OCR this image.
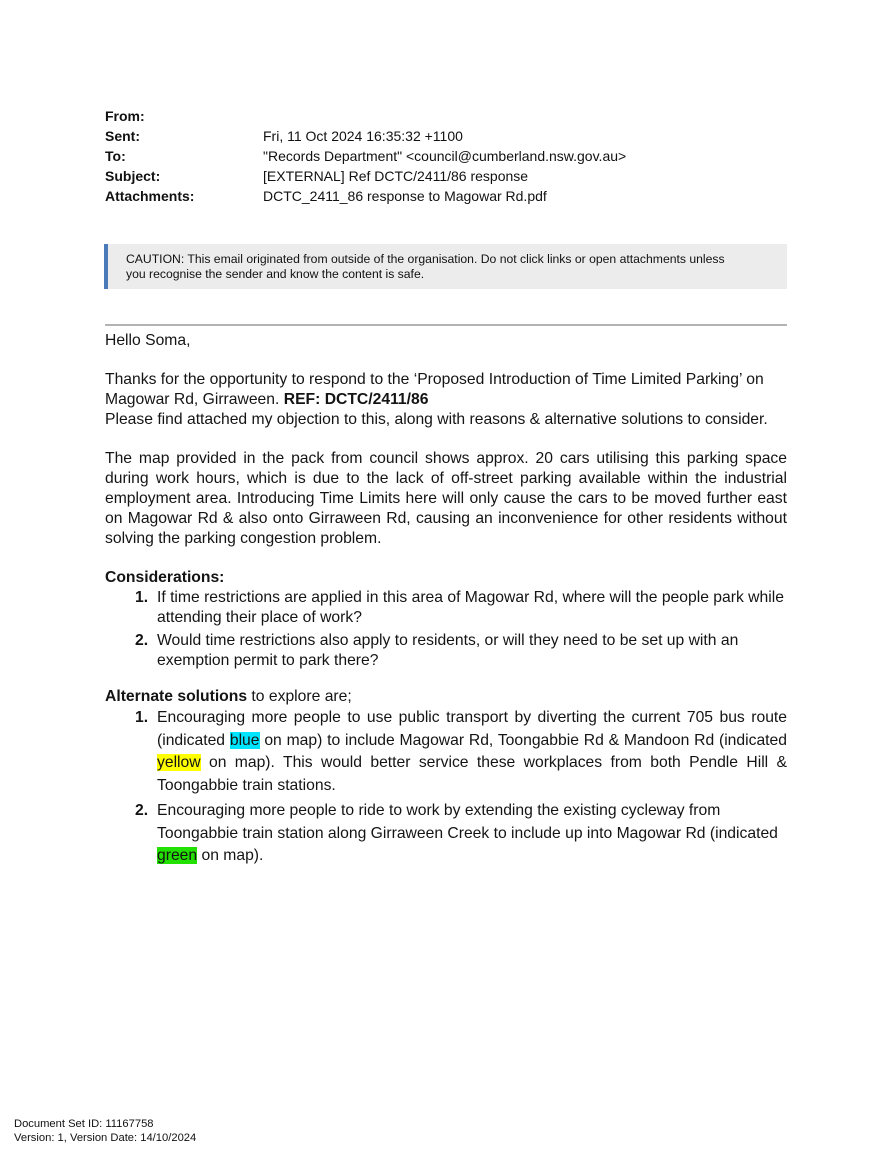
From:
Sent:	Fri, 11 Oct 2024 16:35:32 +1100
To:	"Records Department" <council@cumberland.nsw.gov.au>
Subject:	[EXTERNAL] Ref DCTC/2411/86 response
Attachments:	DCTC_2411_86 response to Magowar Rd.pdf
CAUTION: This email originated from outside of the organisation. Do not click links or open attachments unless
you recognise the sender and know the content is safe.

Hello Soma,

Thanks for the opportunity to respond to the ‘Proposed Introduction of Time Limited Parking’ on Magowar Rd, Girraween. REF: DCTC/2411/86

Please find attached my objection to this, along with reasons & alternative solutions to consider.

The map provided in the pack from council shows approx. 20 cars utilising this parking space during work hours, which is due to the lack of off-street parking available within the industrial employment area. Introducing Time Limits here will only cause the cars to be moved further east on Magowar Rd & also onto Girraween Rd, causing an inconvenience for other residents without solving the parking congestion problem.

Considerations:

1. If time restrictions are applied in this area of Magowar Rd, where will the people park while attending their place of work?
2. Would time restrictions also apply to residents, or will they need to be set up with an exemption permit to park there?

Alternate solutions to explore are;

1. Encouraging more people to use public transport by diverting the current 705 bus route (indicated blue on map) to include Magowar Rd, Toongabbie Rd & Mandoon Rd (indicated yellow on map). This would better service these workplaces from both Pendle Hill & Toongabbie train stations.
2. Encouraging more people to ride to work by extending the existing cycleway from Toongabbie train station along Girraween Creek to include up into Magowar Rd (indicated green on map).
Document Set ID: 11167758
Version: 1, Version Date: 14/10/2024
